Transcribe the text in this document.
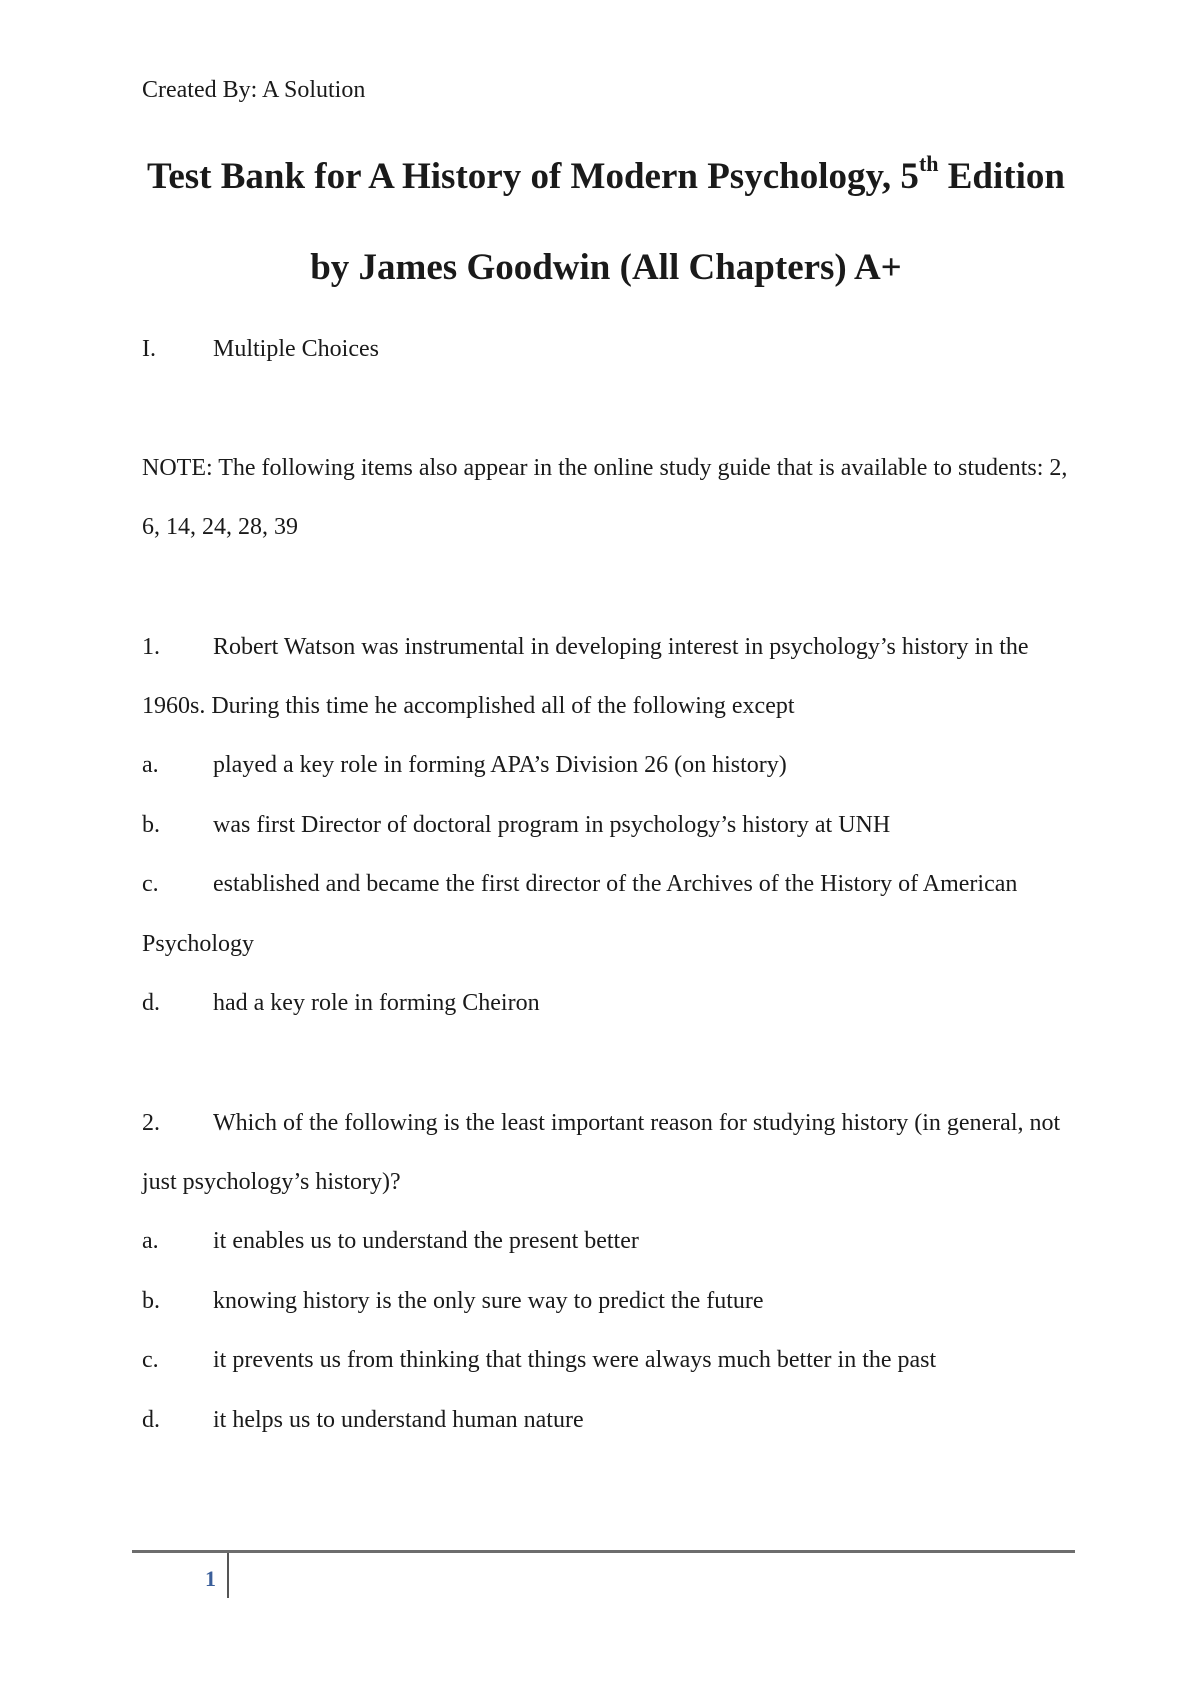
Created By: A Solution
Test Bank for A History of Modern Psychology, 5th Edition
by James Goodwin (All Chapters) A+
I. Multiple Choices
NOTE: The following items also appear in the online study guide that is available to students: 2,
6, 14, 24, 28, 39
1. Robert Watson was instrumental in developing interest in psychology’s history in the
1960s. During this time he accomplished all of the following except
a. played a key role in forming APA’s Division 26 (on history)
b. was first Director of doctoral program in psychology’s history at UNH
c. established and became the first director of the Archives of the History of American
Psychology
d. had a key role in forming Cheiron
2. Which of the following is the least important reason for studying history (in general, not
just psychology’s history)?
a. it enables us to understand the present better
b. knowing history is the only sure way to predict the future
c. it prevents us from thinking that things were always much better in the past
d. it helps us to understand human nature
1
